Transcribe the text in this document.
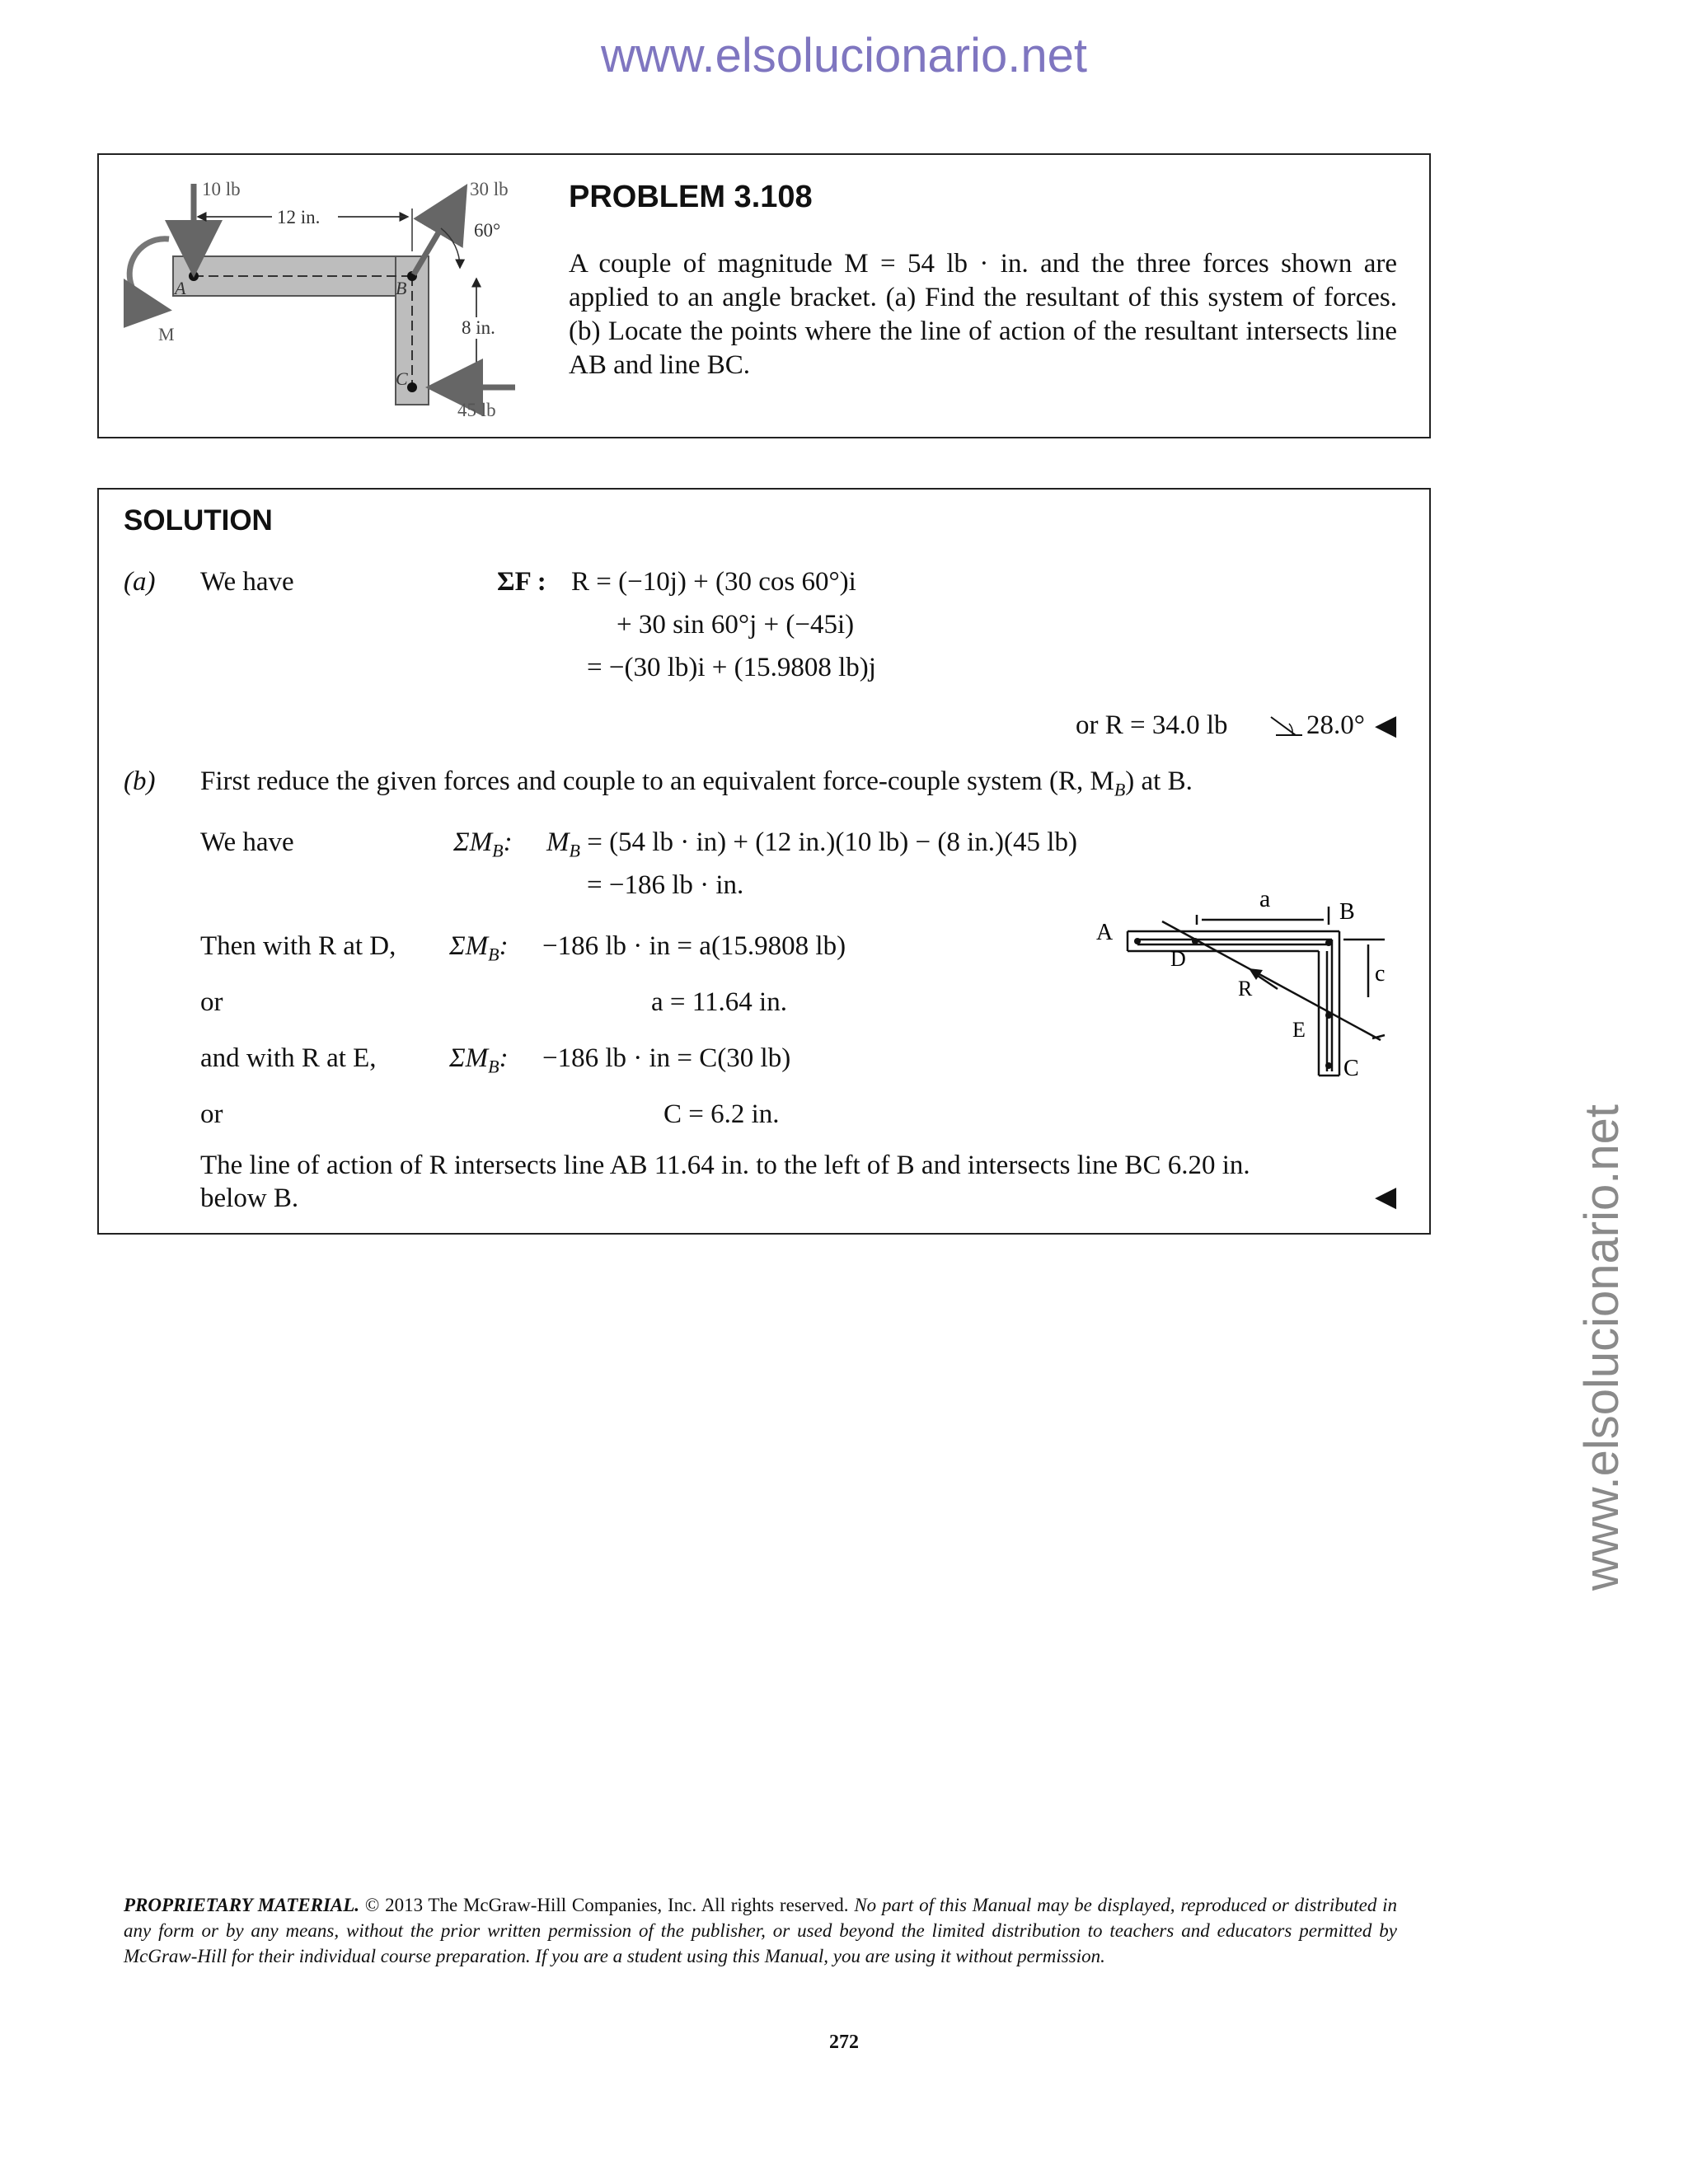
www.elsolucionario.net
www.elsolucionario.net
A	B
C
10 lb
12 in.
30 lb
60°
8 in.
45 lb
M
PROBLEM 3.108
A couple of magnitude M = 54 lb · in. and the three forces shown are applied to an angle bracket. (a) Find the resultant of this system of forces. (b) Locate the points where the line of action of the resultant intersects line AB and line BC.
SOLUTION
(a) We have	ΣF : R = (−10j) + (30 cos 60°)i
+ 30 sin 60°j + (−45i)
= −(30 lb)i + (15.9808 lb)j
or R = 34.0 lb	28.0° ◀
(b) First reduce the given forces and couple to an equivalent force-couple system (R, $M_B$) at B.
We have	$\Sigma M_B$: $M_B = (54$ lb · in) + (12 in.)(10 lb) − (8 in.)(45 lb)
= −186 lb · in.
Then with R at D, $\Sigma M_B$: −186 lb · in = a(15.9808 lb)
or	a = 11.64 in.
and with R at E,	$\Sigma M_B$: −186 lb · in = C(30 lb)
or	C = 6.2 in.
The line of action of R intersects line AB 11.64 in. to the left of B and intersects line BC 6.20 in.
below B.	◀
A
a	B
c
D
R
E
C
PROPRIETARY MATERIAL. © 2013 The McGraw-Hill Companies, Inc. All rights reserved. No part of this Manual may be displayed, reproduced or distributed in any form or by any means, without the prior written permission of the publisher, or used beyond the limited distribution to teachers and educators permitted by McGraw-Hill for their individual course preparation. If you are a student using this Manual, you are using it without permission.
272
